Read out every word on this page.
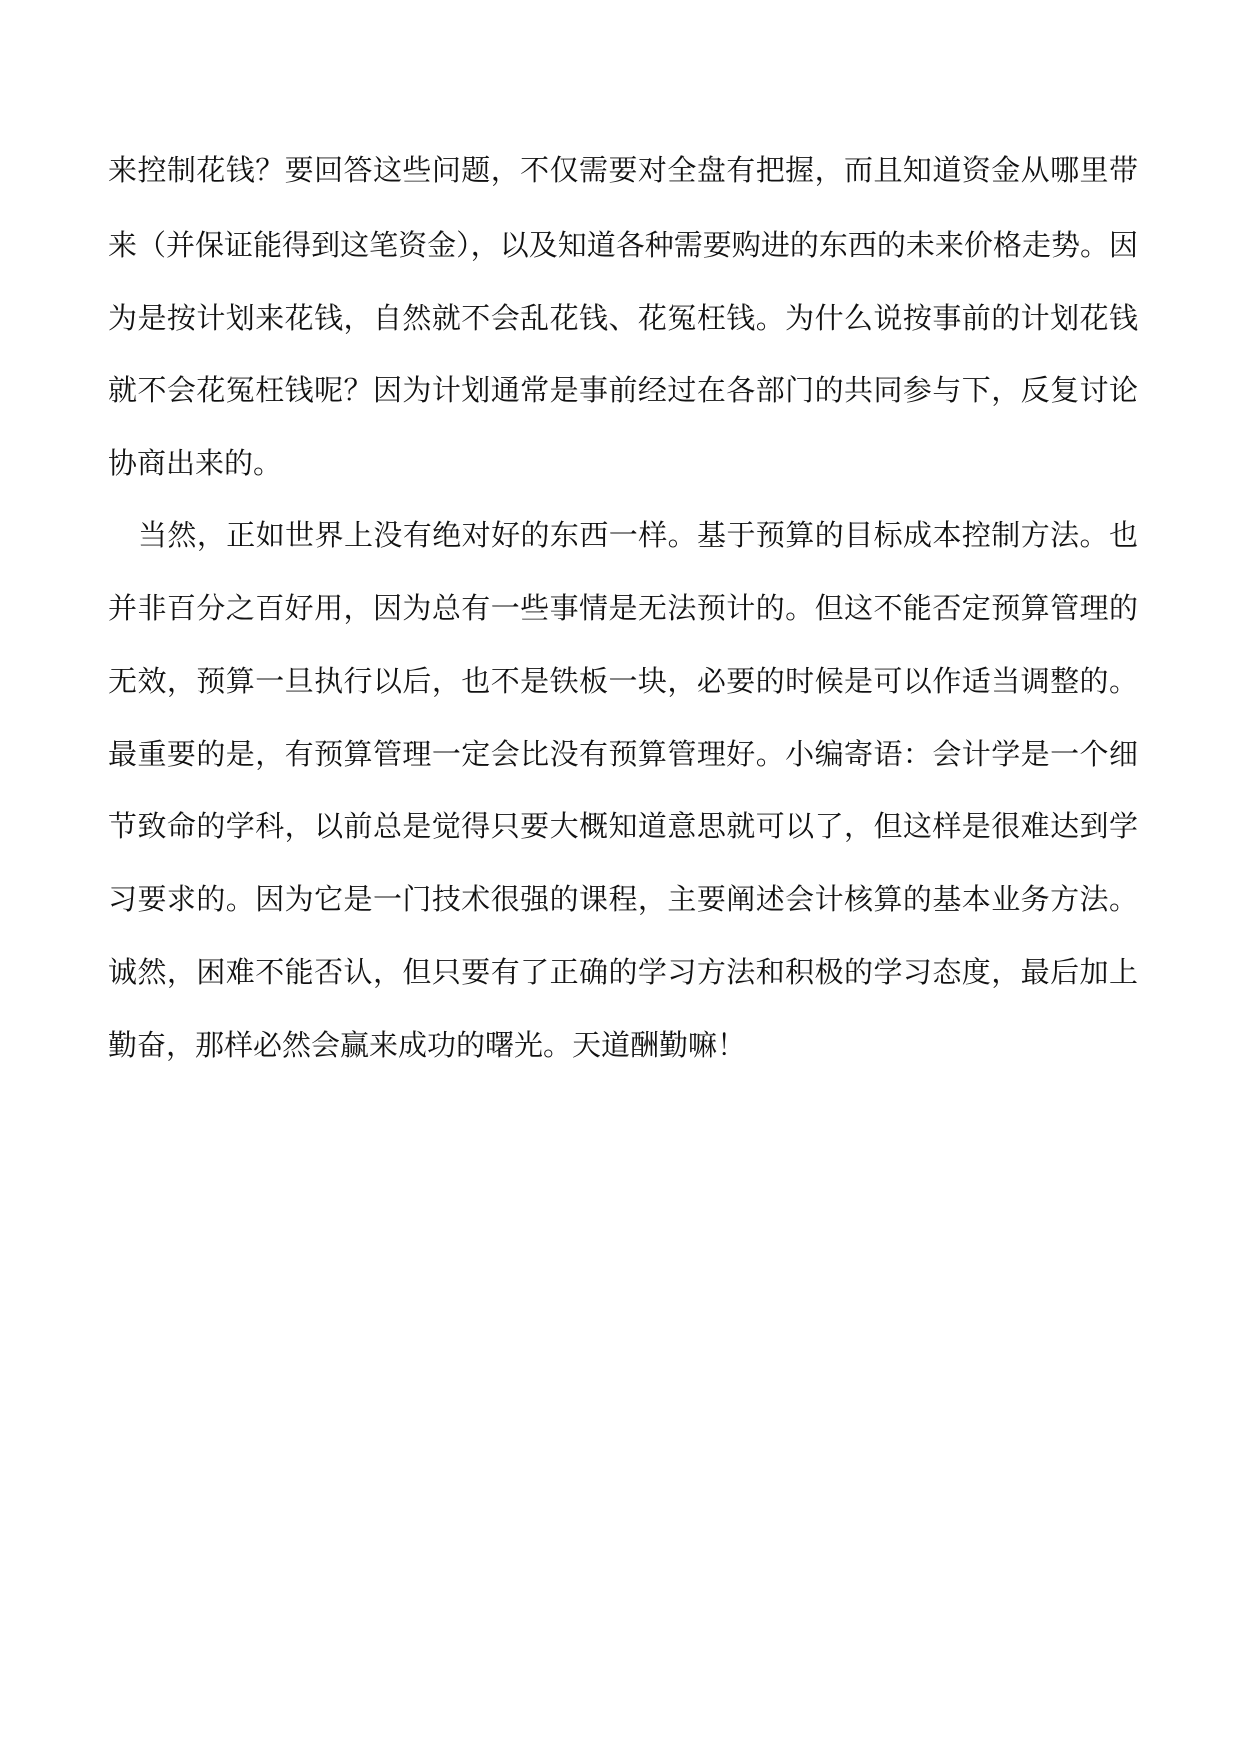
来控制花钱？要回答这些问题，不仅需要对全盘有把握，而且知道资金从哪里带
来（并保证能得到这笔资金），以及知道各种需要购进的东西的未来价格走势。因
为是按计划来花钱，自然就不会乱花钱、花冤枉钱。为什么说按事前的计划花钱
就不会花冤枉钱呢？因为计划通常是事前经过在各部门的共同参与下，反复讨论
协商出来的。
当然，正如世界上没有绝对好的东西一样。基于预算的目标成本控制方法。也
并非百分之百好用，因为总有一些事情是无法预计的。但这不能否定预算管理的
无效，预算一旦执行以后，也不是铁板一块，必要的时候是可以作适当调整的。
最重要的是，有预算管理一定会比没有预算管理好。小编寄语：会计学是一个细
节致命的学科，以前总是觉得只要大概知道意思就可以了，但这样是很难达到学
习要求的。因为它是一门技术很强的课程，主要阐述会计核算的基本业务方法。
诚然，困难不能否认，但只要有了正确的学习方法和积极的学习态度，最后加上
勤奋，那样必然会赢来成功的曙光。天道酬勤嘛！
